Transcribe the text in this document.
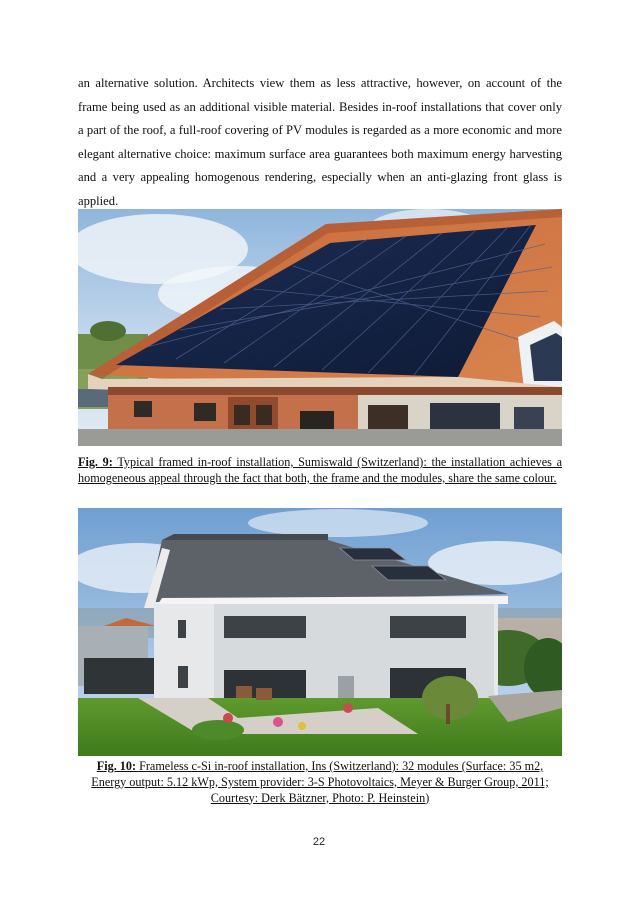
an alternative solution. Architects view them as less attractive, however, on account of the frame being used as an additional visible material. Besides in-roof installations that cover only a part of the roof, a full-roof covering of PV modules is regarded as a more economic and more elegant alternative choice: maximum surface area guarantees both maximum energy harvesting and a very appealing homogenous rendering, especially when an anti-glazing front glass is applied.

Fig. 9: Typical framed in-roof installation, Sumiswald (Switzerland): the installation achieves a homogeneous appeal through the fact that both, the frame and the modules, share the same colour.

Fig. 10: Frameless c-Si in-roof installation, Ins (Switzerland): 32 modules (Surface: 35 m2, Energy output: 5.12 kWp, System provider: 3-S Photovoltaics, Meyer & Burger Group, 2011; Courtesy: Derk Bätzner, Photo: P. Heinstein)

22
